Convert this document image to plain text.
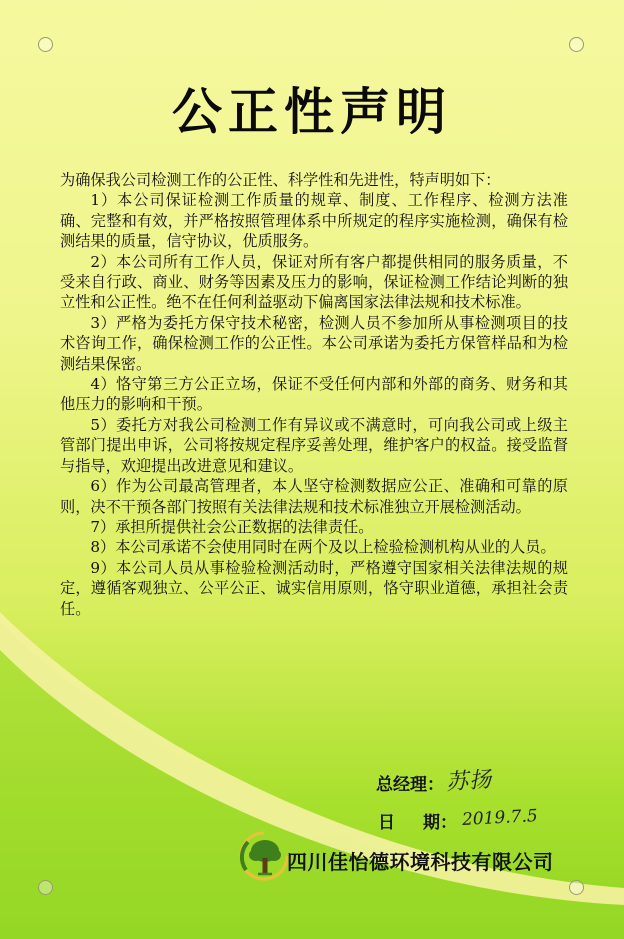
公正性声明

为确保我公司检测工作的公正性、科学性和先进性，特声明如下：

1）本公司保证检测工作质量的规章、制度、工作程序、检测方法准确、完整和有效，并严格按照管理体系中所规定的程序实施检测，确保有检测结果的质量，信守协议，优质服务。

2）本公司所有工作人员，保证对所有客户都提供相同的服务质量，不受来自行政、商业、财务等因素及压力的影响，保证检测工作结论判断的独立性和公正性。绝不在任何利益驱动下偏离国家法律法规和技术标准。

3）严格为委托方保守技术秘密，检测人员不参加所从事检测项目的技术咨询工作，确保检测工作的公正性。本公司承诺为委托方保管样品和为检测结果保密。

4）恪守第三方公正立场，保证不受任何内部和外部的商务、财务和其他压力的影响和干预。

5）委托方对我公司检测工作有异议或不满意时，可向我公司或上级主管部门提出申诉，公司将按规定程序妥善处理，维护客户的权益。接受监督与指导，欢迎提出改进意见和建议。

6）作为公司最高管理者，本人坚守检测数据应公正、准确和可靠的原则，决不干预各部门按照有关法律法规和技术标准独立开展检测活动。

7）承担所提供社会公正数据的法律责任。

8）本公司承诺不会使用同时在两个及以上检验检测机构从业的人员。

9）本公司人员从事检验检测活动时，严格遵守国家相关法律法规的规定，遵循客观独立、公平公正、诚实信用原则，恪守职业道德，承担社会责任。

总经理： 苏扬
日 期： 2019.7.5
四川佳怡德环境科技有限公司
